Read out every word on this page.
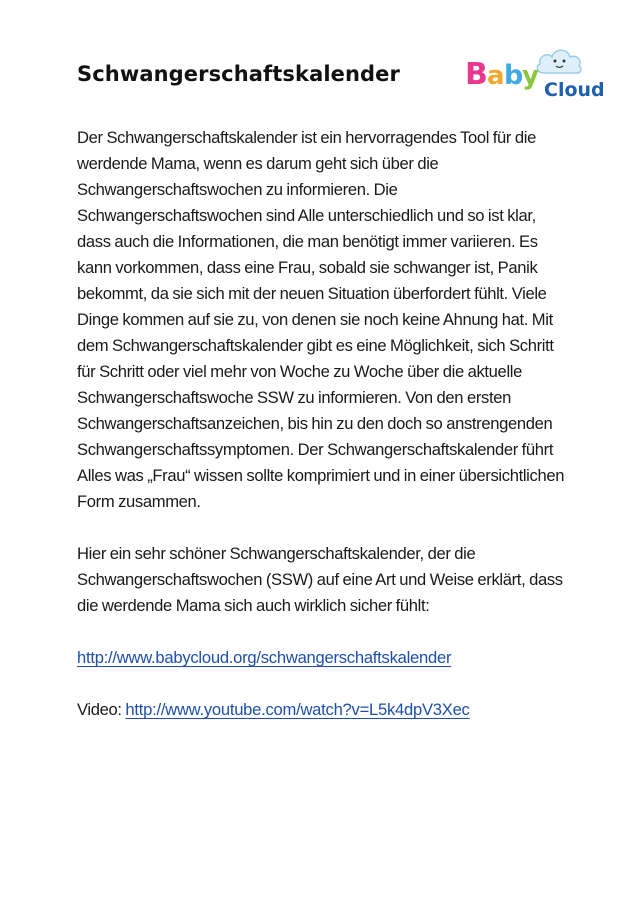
Schwangerschaftskalender B a b
y Cloud

Der Schwangerschaftskalender ist ein hervorragendes Tool für die werdende Mama, wenn es darum geht sich über die Schwangerschaftswochen zu informieren. Die Schwangerschaftswochen sind Alle unterschiedlich und so ist klar, dass auch die Informationen, die man benötigt immer variieren. Es kann vorkommen, dass eine Frau, sobald sie schwanger ist, Panik bekommt, da sie sich mit der neuen Situation überfordert fühlt. Viele Dinge kommen auf sie zu, von denen sie noch keine Ahnung hat. Mit dem Schwangerschaftskalender gibt es eine Möglichkeit, sich Schritt für Schritt oder viel mehr von Woche zu Woche über die aktuelle Schwangerschaftswoche SSW zu informieren. Von den ersten Schwangerschaftsanzeichen, bis hin zu den doch so anstrengenden Schwangerschaftssymptomen. Der Schwangerschaftskalender führt Alles was „Frau“ wissen sollte komprimiert und in einer übersichtlichen Form zusammen.

Hier ein sehr schöner Schwangerschaftskalender, der die Schwangerschaftswochen (SSW) auf eine Art und Weise erklärt, dass die werdende Mama sich auch wirklich sicher fühlt:

http://www.babycloud.org/schwangerschaftskalender

Video: http://www.youtube.com/watch?v=L5k4dpV3Xec
